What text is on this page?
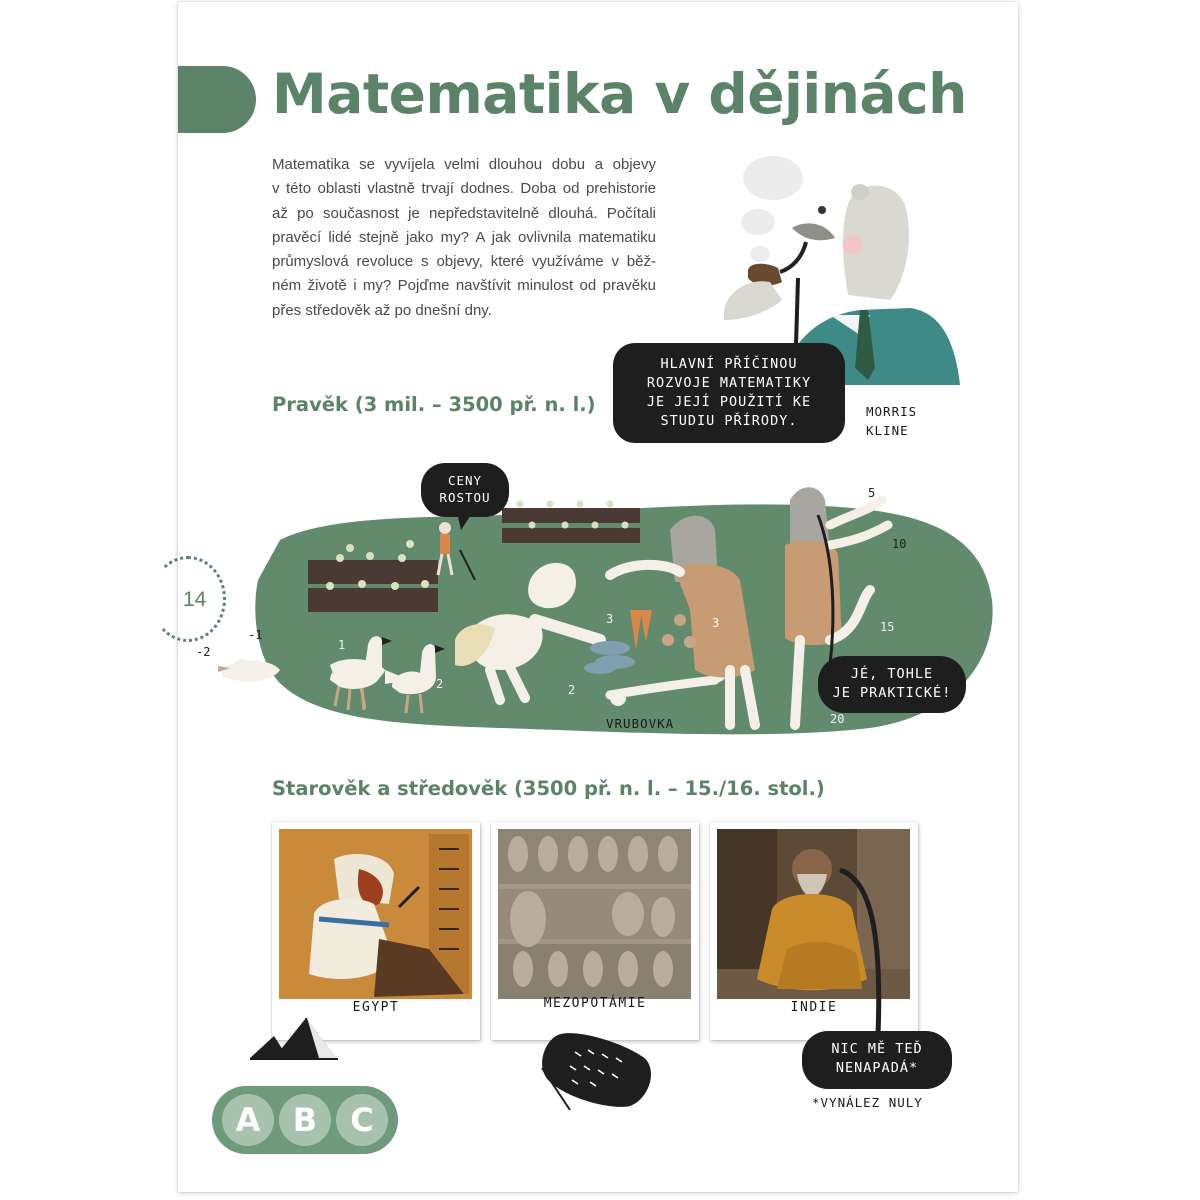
Matematika v dějinách
Matematika se vyvíjela velmi dlouhou dobu a objevy
v této oblasti vlastně trvají dodnes. Doba od prehistorie
až po současnost je nepředstavitelně dlouhá. Počítali
pravěcí lidé stejně jako my? A jak ovlivnila matematiku
průmyslová revoluce s objevy, které využíváme v běž-
ném životě i my? Pojďme navštívit minulost od pravěku
přes středověk až po dnešní dny.
HLAVNÍ PŘÍČINOU
ROZVOJE MATEMATIKY
JE JEJÍ POUŽITÍ KE
STUDIU PŘÍRODY.
MORRIS
KLINE
Pravěk (3 mil. – 3500 př. n. l.)
-2
-1
1
2	2
3	3
5
10
15
20
CENY
ROSTOU
JÉ, TOHLE
JE PRAKTICKÉ!
VRUBOVKA
14
Starověk a středověk (3500 př. n. l. – 15./16. stol.)
EGYPT	MEZOPOTÁMIE	INDIE
NIC MĚ TEĎ
NENAPADÁ*
*VYNÁLEZ NULY
A	B	C
